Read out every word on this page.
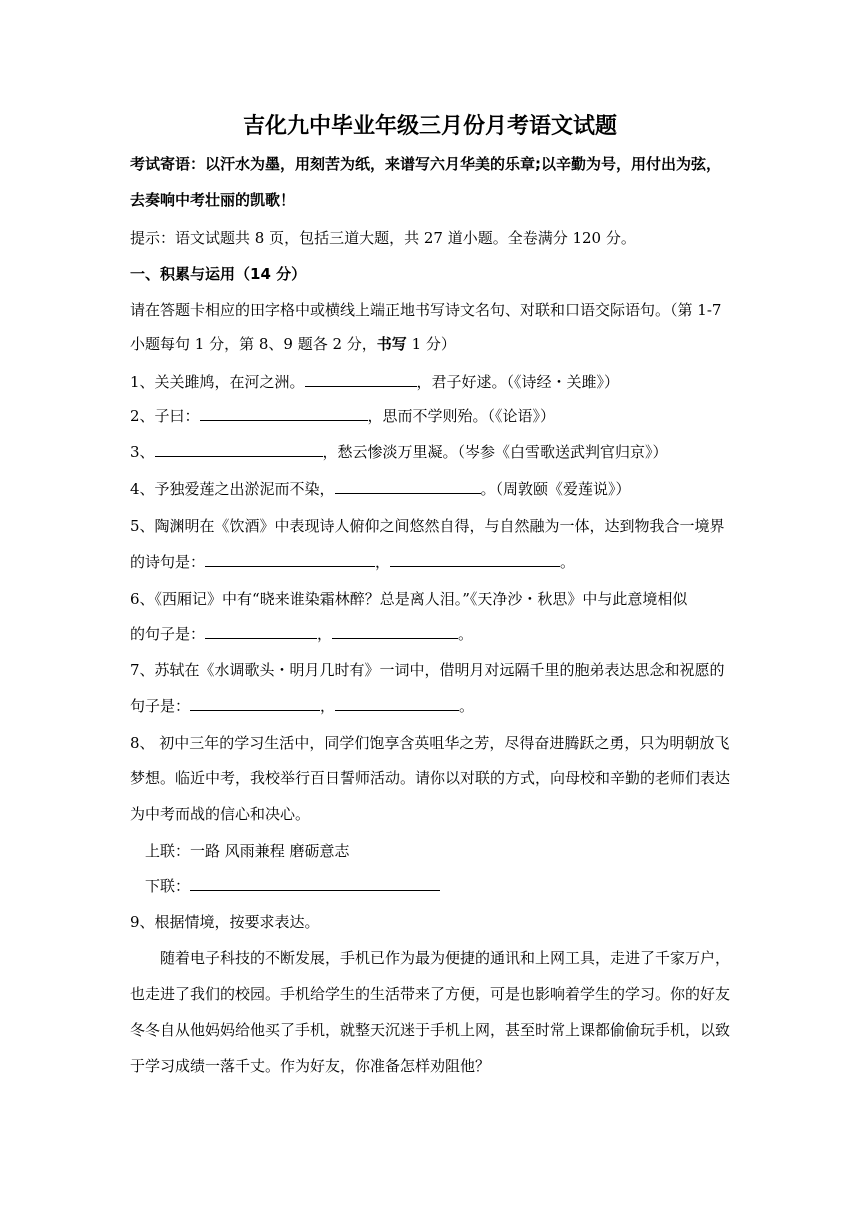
吉化九中毕业年级三月份月考语文试题
考试寄语：以汗水为墨，用刻苦为纸，来谱写六月华美的乐章;以辛勤为号，用付出为弦，
去奏响中考壮丽的凯歌！
提示：语文试题共 8 页，包括三道大题，共 27 道小题。全卷满分 120 分。
一、积累与运用（14 分）
请在答题卡相应的田字格中或横线上端正地书写诗文名句、对联和口语交际语句。（第 1-7
小题每句 1 分，第 8、9 题各 2 分，书写 1 分）
1、关关雎鸠，在河之洲。	，君子好逑。（《诗经・关雎》）
2、子曰：	，思而不学则殆。（《论语》）
3、	，愁云惨淡万里凝。（岑参《白雪歌送武判官归京》）
4、予独爱莲之出淤泥而不染，	。（周敦颐《爱莲说》）
5、陶渊明在《饮酒》中表现诗人俯仰之间悠然自得，与自然融为一体，达到物我合一境界
的诗句是：	，	。
6、《西厢记》中有“晓来谁染霜林醉？总是离人泪。”《天净沙・秋思》中与此意境相似
的句子是：	，	。
7、苏轼在《水调歌头・明月几时有》一词中，借明月对远隔千里的胞弟表达思念和祝愿的
句子是：	，	。
8、 初中三年的学习生活中，同学们饱享含英咀华之芳，尽得奋进腾跃之勇，只为明朝放飞
梦想。临近中考，我校举行百日誓师活动。请你以对联的方式，向母校和辛勤的老师们表达
为中考而战的信心和决心。
上联：一路 风雨兼程 磨砺意志
下联：
9、根据情境，按要求表达。
随着电子科技的不断发展，手机已作为最为便捷的通讯和上网工具，走进了千家万户，
也走进了我们的校园。手机给学生的生活带来了方便，可是也影响着学生的学习。你的好友
冬冬自从他妈妈给他买了手机，就整天沉迷于手机上网，甚至时常上课都偷偷玩手机，以致
于学习成绩一落千丈。作为好友，你准备怎样劝阻他？
